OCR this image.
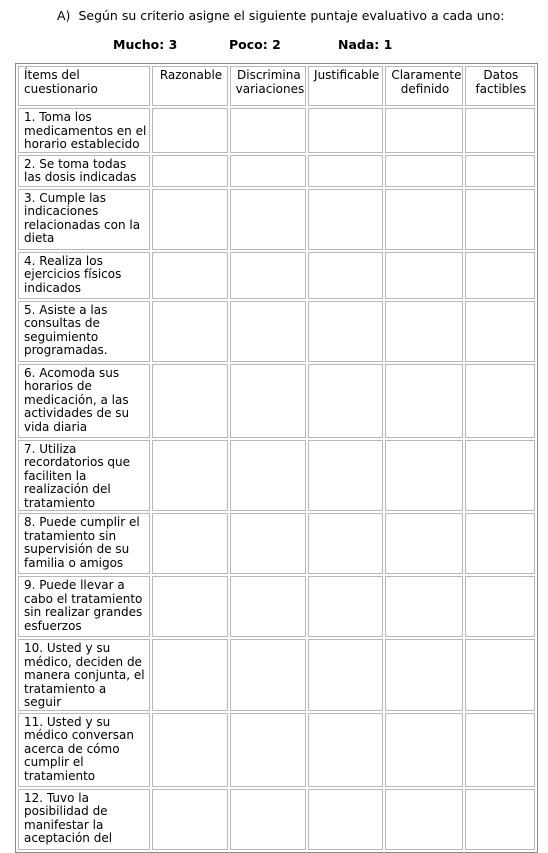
A) Según su criterio asigne el siguiente puntaje evaluativo a cada uno:
Mucho: 3	Poco: 2	Nada: 1
Ítems del cuestionario	Razonable	Discrimina variaciones	Justificable	Claramente definido	Datos factibles
1. Toma los medicamentos en el horario establecido					
2. Se toma todas las dosis indicadas					
3. Cumple las indicaciones relacionadas con la dieta					
4. Realiza los ejercicios físicos indicados					
5. Asiste a las consultas de seguimiento programadas.					
6. Acomoda sus horarios de medicación, a las actividades de su vida diaria					
7. Utiliza recordatorios que faciliten la realización del tratamiento					
8. Puede cumplir el tratamiento sin supervisión de su familia o amigos					
9. Puede llevar a cabo el tratamiento sin realizar grandes esfuerzos					
10. Usted y su médico, deciden de manera conjunta, el tratamiento a seguir					
11. Usted y su médico conversan acerca de cómo cumplir el tratamiento					
12. Tuvo la posibilidad de manifestar la aceptación del					
